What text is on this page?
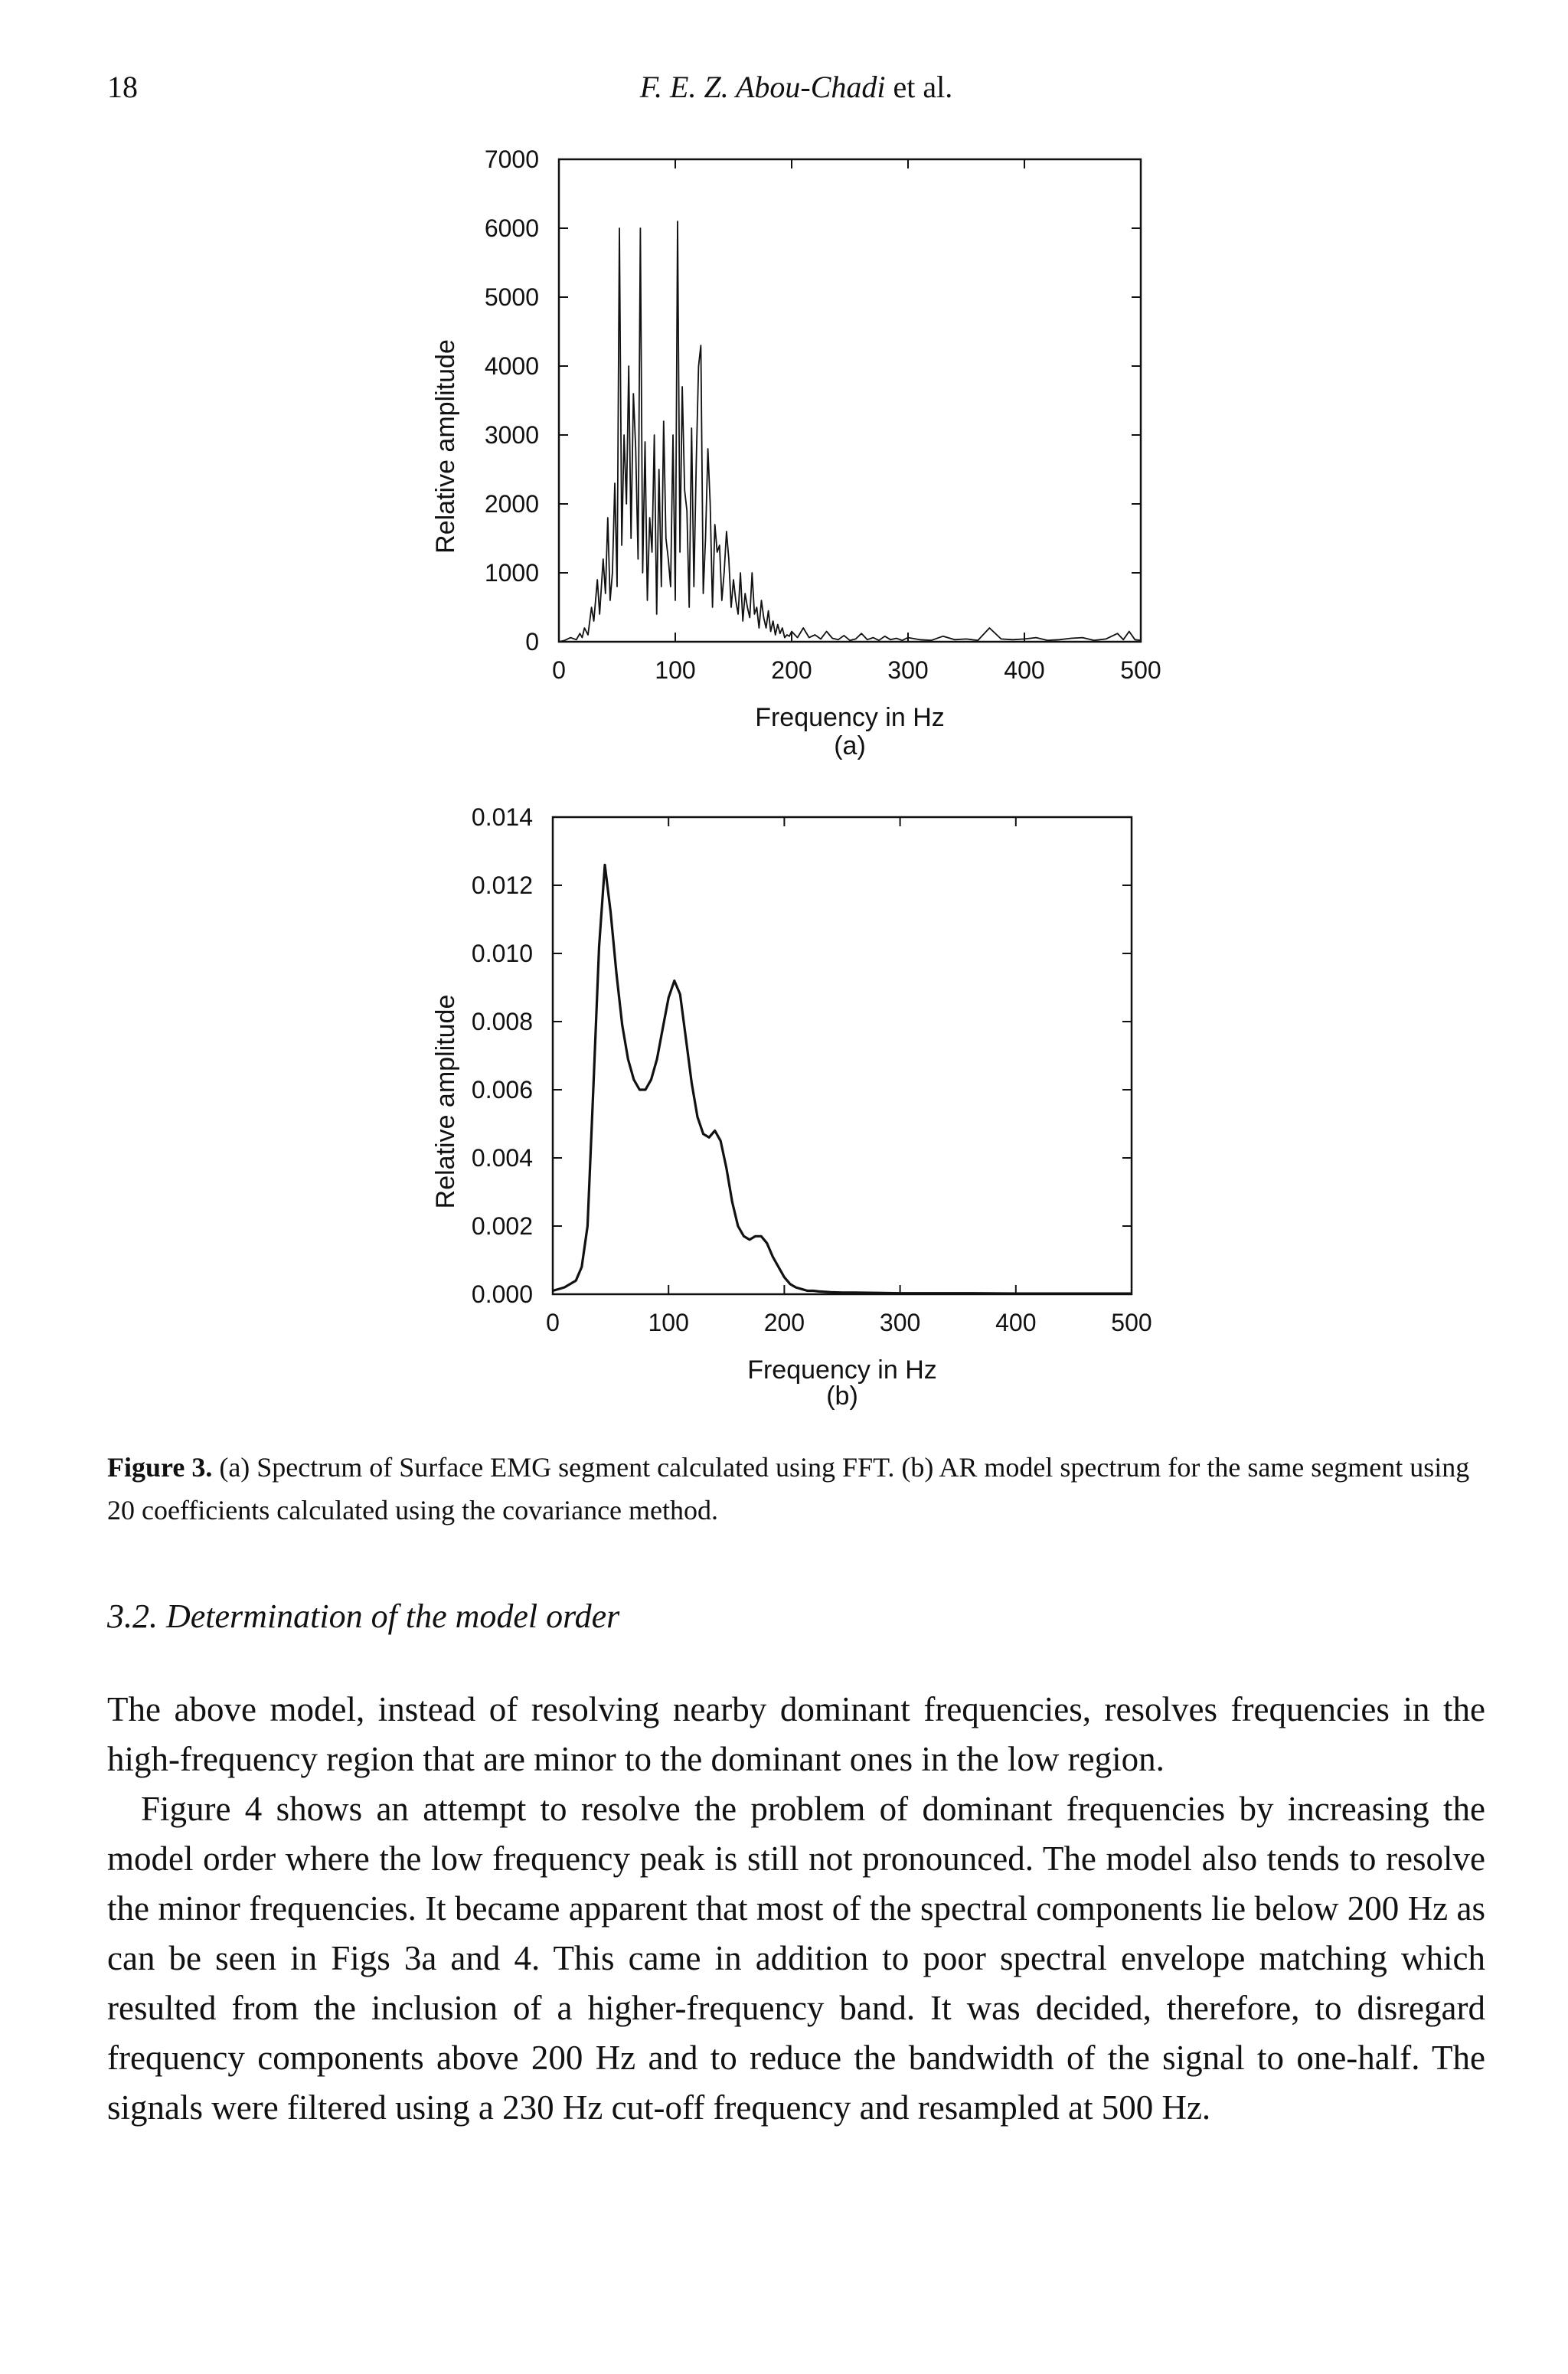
18	F. E. Z. Abou-Chadi et al.
0	100	200	300	400	500
0
1000
2000
3000
4000
5000
6000
7000
Frequency in Hz
Relative amplitude
(a)
0	100	200	300	400	500
0.000
0.002
0.004
0.006
0.008
0.010
0.012
0.014
Frequency in Hz
Relative amplitude
(b)
Figure 3. (a) Spectrum of Surface EMG segment calculated using FFT. (b) AR model spectrum for the same segment using 20 coefficients calculated using the covariance method.
3.2. Determination of the model order

The above model, instead of resolving nearby dominant frequencies, resolves frequencies in the high-frequency region that are minor to the dominant ones in the low region.

Figure 4 shows an attempt to resolve the problem of dominant frequencies by increasing the model order where the low frequency peak is still not pronounced. The model also tends to resolve the minor frequencies. It became apparent that most of the spectral components lie below 200 Hz as can be seen in Figs 3a and 4. This came in addition to poor spectral envelope matching which resulted from the inclusion of a higher-frequency band. It was decided, therefore, to disregard frequency components above 200 Hz and to reduce the bandwidth of the signal to one-half. The signals were filtered using a 230 Hz cut-off frequency and resampled at 500 Hz.
